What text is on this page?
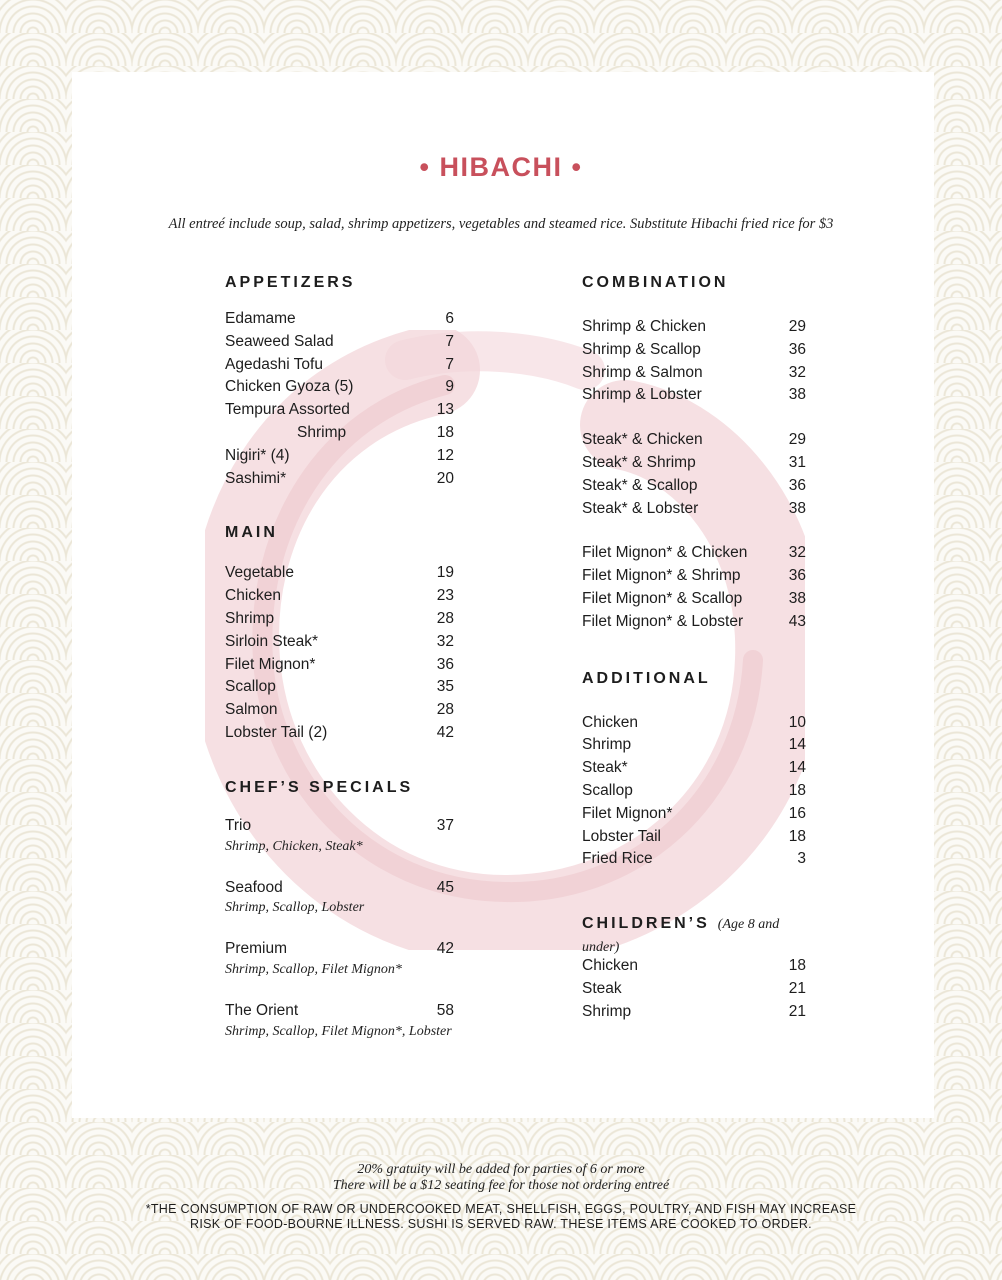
• HIBACHI •
All entreé include soup, salad, shrimp appetizers, vegetables and steamed rice. Substitute Hibachi fried rice for $3
APPETIZERS
Edamame	6
Seaweed Salad	7
Agedashi Tofu	7
Chicken Gyoza (5)	9
Tempura Assorted	13
Shrimp	18
Nigiri* (4)	12
Sashimi*	20
MAIN
Vegetable	19
Chicken	23
Shrimp	28
Sirloin Steak*	32
Filet Mignon*	36
Scallop	35
Salmon	28
Lobster Tail (2)	42
CHEF’S SPECIALS
Trio	37
Shrimp, Chicken, Steak*
Seafood	45
Shrimp, Scallop, Lobster
Premium	42
Shrimp, Scallop, Filet Mignon*
The Orient	58
Shrimp, Scallop, Filet Mignon*, Lobster
COMBINATION
Shrimp & Chicken	29
Shrimp & Scallop	36
Shrimp & Salmon	32
Shrimp & Lobster	38
Steak* & Chicken	29
Steak* & Shrimp	31
Steak* & Scallop	36
Steak* & Lobster	38
Filet Mignon* & Chicken	32
Filet Mignon* & Shrimp	36
Filet Mignon* & Scallop	38
Filet Mignon* & Lobster	43
ADDITIONAL
Chicken	10
Shrimp	14
Steak*	14
Scallop	18
Filet Mignon*	16
Lobster Tail	18
Fried Rice	3
CHILDREN’S (Age 8 and under)
Chicken	18
Steak	21
Shrimp	21
20% gratuity will be added for parties of 6 or more
There will be a $12 seating fee for those not ordering entreé
*THE CONSUMPTION OF RAW OR UNDERCOOKED MEAT, SHELLFISH, EGGS, POULTRY, AND FISH MAY INCREASE
RISK OF FOOD-BOURNE ILLNESS. SUSHI IS SERVED RAW. THESE ITEMS ARE COOKED TO ORDER.
